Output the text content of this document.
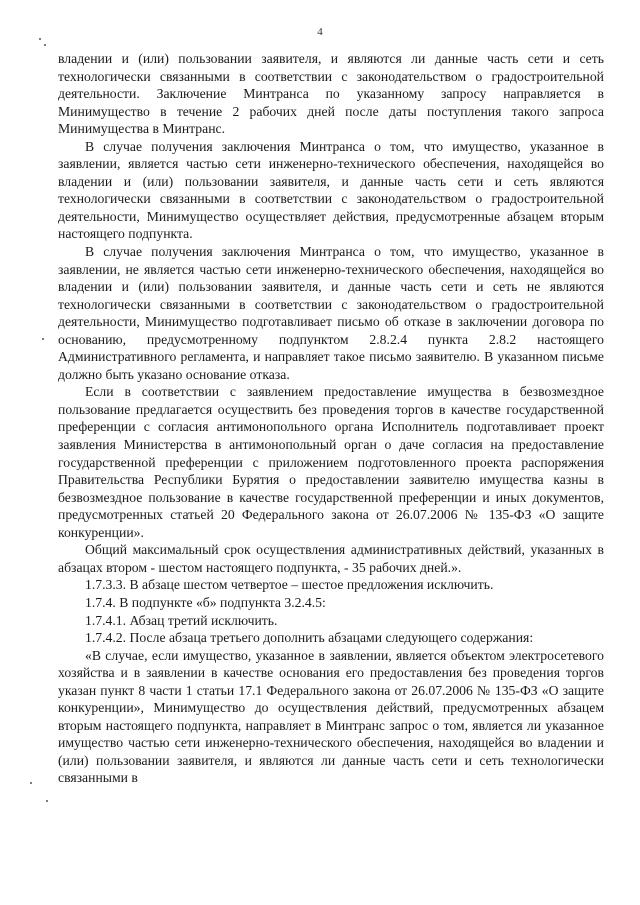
4

владении и (или) пользовании заявителя, и являются ли данные часть сети и сеть технологически связанными в соответствии с законодательством о градостроительной деятельности. Заключение Минтранса по указанному запросу направляется в Минимущество в течение 2 рабочих дней после даты поступления такого запроса Минимущества в Минтранс.

В случае получения заключения Минтранса о том, что имущество, указанное в заявлении, является частью сети инженерно-технического обеспечения, находящейся во владении и (или) пользовании заявителя, и данные часть сети и сеть являются технологически связанными в соответствии с законодательством о градостроительной деятельности, Минимущество осуществляет действия, предусмотренные абзацем вторым настоящего подпункта.

В случае получения заключения Минтранса о том, что имущество, указанное в заявлении, не является частью сети инженерно-технического обеспечения, находящейся во владении и (или) пользовании заявителя, и данные часть сети и сеть не являются технологически связанными в соответствии с законодательством о градостроительной деятельности, Минимущество подготавливает письмо об отказе в заключении договора по основанию, предусмотренному подпунктом 2.8.2.4 пункта 2.8.2 настоящего Административного регламента, и направляет такое письмо заявителю. В указанном письме должно быть указано основание отказа.

Если в соответствии с заявлением предоставление имущества в безвозмездное пользование предлагается осуществить без проведения торгов в качестве государственной преференции с согласия антимонопольного органа Исполнитель подготавливает проект заявления Министерства в антимонопольный орган о даче согласия на предоставление государственной преференции с приложением подготовленного проекта распоряжения Правительства Республики Бурятия о предоставлении заявителю имущества казны в безвозмездное пользование в качестве государственной преференции и иных документов, предусмотренных статьей 20 Федерального закона от 26.07.2006 № 135-ФЗ «О защите конкуренции».

Общий максимальный срок осуществления административных действий, указанных в абзацах втором - шестом настоящего подпункта, - 35 рабочих дней.».

1.7.3.3. В абзаце шестом четвертое – шестое предложения исключить.

1.7.4. В подпункте «б» подпункта 3.2.4.5:

1.7.4.1. Абзац третий исключить.

1.7.4.2. После абзаца третьего дополнить абзацами следующего содержания:

«В случае, если имущество, указанное в заявлении, является объектом электросетевого хозяйства и в заявлении в качестве основания его предоставления без проведения торгов указан пункт 8 части 1 статьи 17.1 Федерального закона от 26.07.2006 № 135-ФЗ «О защите конкуренции», Минимущество до осуществления действий, предусмотренных абзацем вторым настоящего подпункта, направляет в Минтранс запрос о том, является ли указанное имущество частью сети инженерно-технического обеспечения, находящейся во владении и (или) пользовании заявителя, и являются ли данные часть сети и сеть технологически связанными в
